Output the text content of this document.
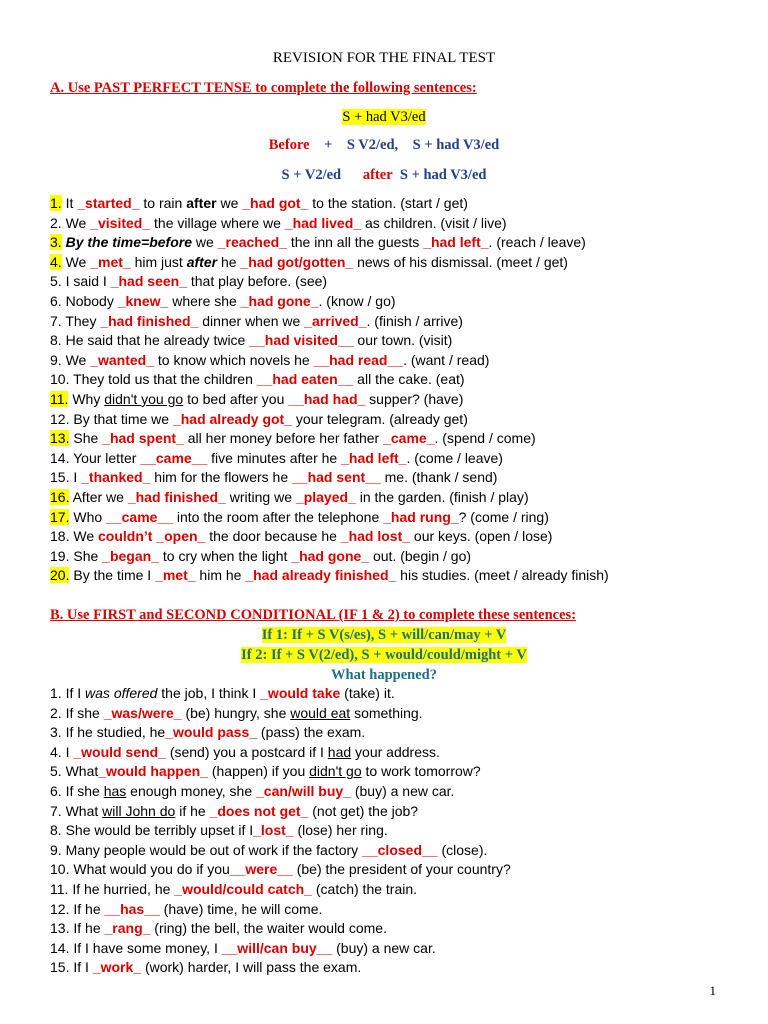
REVISION FOR THE FINAL TEST
A. Use PAST PERFECT TENSE to complete the following sentences:
S + had V3/ed
Before + S V2/ed, S + had V3/ed
S + V2/ed after S + had V3/ed
1. It _started_ to rain after we _had got_ to the station. (start / get)
2. We _visited_ the village where we _had lived_ as children. (visit / live)
3. By the time=before we _reached_ the inn all the guests _had left_. (reach / leave)
4. We _met_ him just after he _had got/gotten_ news of his dismissal. (meet / get)
5. I said I _had seen_ that play before. (see)
6. Nobody _knew_ where she _had gone_. (know / go)
7. They _had finished_ dinner when we _arrived_. (finish / arrive)
8. He said that he already twice __had visited__ our town. (visit)
9. We _wanted_ to know which novels he __had read__. (want / read)
10. They told us that the children __had eaten__ all the cake. (eat)
11. Why didn't you go to bed after you __had had_ supper? (have)
12. By that time we _had already got_ your telegram. (already get)
13. She _had spent_ all her money before her father _came_. (spend / come)
14. Your letter __came__ five minutes after he _had left_. (come / leave)
15. I _thanked_ him for the flowers he __had sent__ me. (thank / send)
16. After we _had finished_ writing we _played_ in the garden. (finish / play)
17. Who __came__ into the room after the telephone _had rung_? (come / ring)
18. We couldn’t _open_ the door because he _had lost_ our keys. (open / lose)
19. She _began_ to cry when the light _had gone_ out. (begin / go)
20. By the time I _met_ him he _had already finished_ his studies. (meet / already finish)
B. Use FIRST and SECOND CONDITIONAL (IF 1 & 2) to complete these sentences:
If 1: If + S V(s/es), S + will/can/may + V
If 2: If + S V(2/ed), S + would/could/might + V
What happened?
1. If I was offered the job, I think I _would take (take) it.
2. If she _was/were_ (be) hungry, she would eat something.
3. If he studied, he_would pass_ (pass) the exam.
4. I _would send_ (send) you a postcard if I had your address.
5. What_would happen_ (happen) if you didn't go to work tomorrow?
6. If she has enough money, she _can/will buy_ (buy) a new car.
7. What will John do if he _does not get_ (not get) the job?
8. She would be terribly upset if I_lost_ (lose) her ring.
9. Many people would be out of work if the factory __closed__ (close).
10. What would you do if you__were__ (be) the president of your country?
11. If he hurried, he _would/could catch_ (catch) the train.
12. If he __has__ (have) time, he will come.
13. If he _rang_ (ring) the bell, the waiter would come.
14. If I have some money, I __will/can buy__ (buy) a new car.
15. If I _work_ (work) harder, I will pass the exam.
1
